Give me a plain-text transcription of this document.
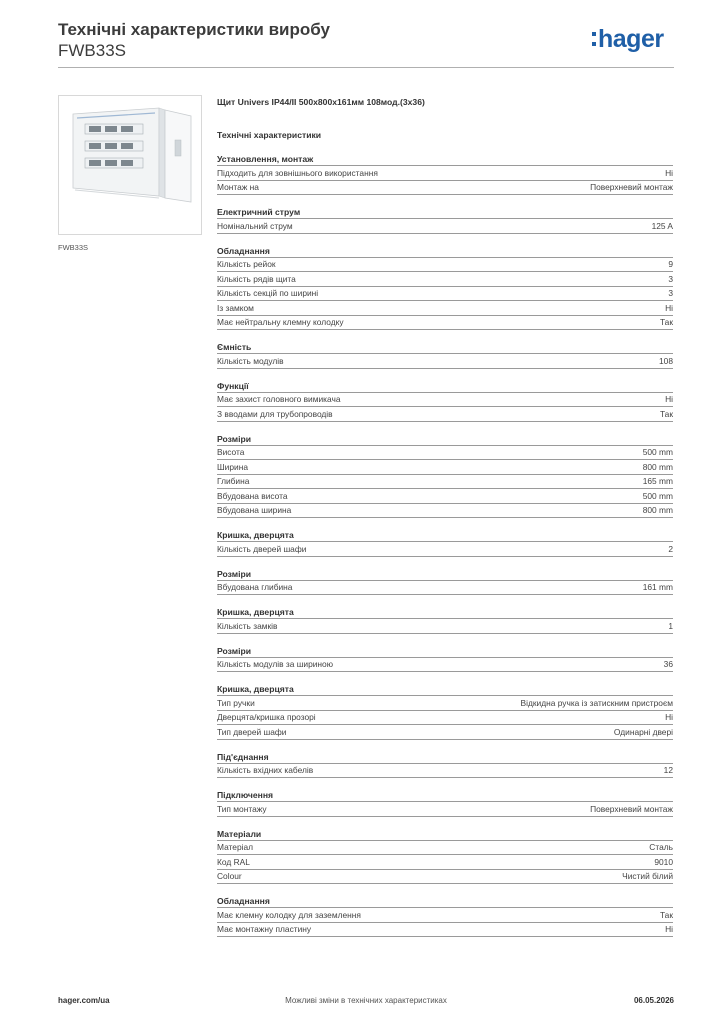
Технічні характеристики виробу
FWB33S	hager
FWB33S
Щит Univers IP44/II 500x800x161мм 108мод.(3x36)
Технічні характеристики
Установлення, монтаж
Підходить для зовнішнього використання	Ні
Монтаж на	Поверхневий монтаж
Електричний струм
Номінальний струм	125 A
Обладнання
Кількість рейок	9
Кількість рядів щита	3
Кількість секцій по ширині	3
Із замком	Ні
Має нейтральну клемну колодку	Так
Ємність
Кількість модулів	108
Функції
Має захист головного вимикача	Ні
З вводами для трубопроводів	Так
Розміри
Висота	500 mm
Ширина	800 mm
Глибина	165 mm
Вбудована висота	500 mm
Вбудована ширина	800 mm
Кришка, дверцята
Кількість дверей шафи	2
Розміри
Вбудована глибина	161 mm
Кришка, дверцята
Кількість замків	1
Розміри
Кількість модулів за шириною	36
Кришка, дверцята
Тип ручки	Відкидна ручка із затискним пристроєм
Дверцята/кришка прозорі	Ні
Тип дверей шафи	Одинарні двері
Під'єднання
Кількість вхідних кабелів	12
Підключення
Тип монтажу	Поверхневий монтаж
Матеріали
Матеріал	Сталь
Код RAL	9010
Colour	Чистий білий
Обладнання
Має клемну колодку для заземлення	Так
Має монтажну пластину	Ні
hager.com/ua	Можливі зміни в технічних характеристиках	06.05.2026
